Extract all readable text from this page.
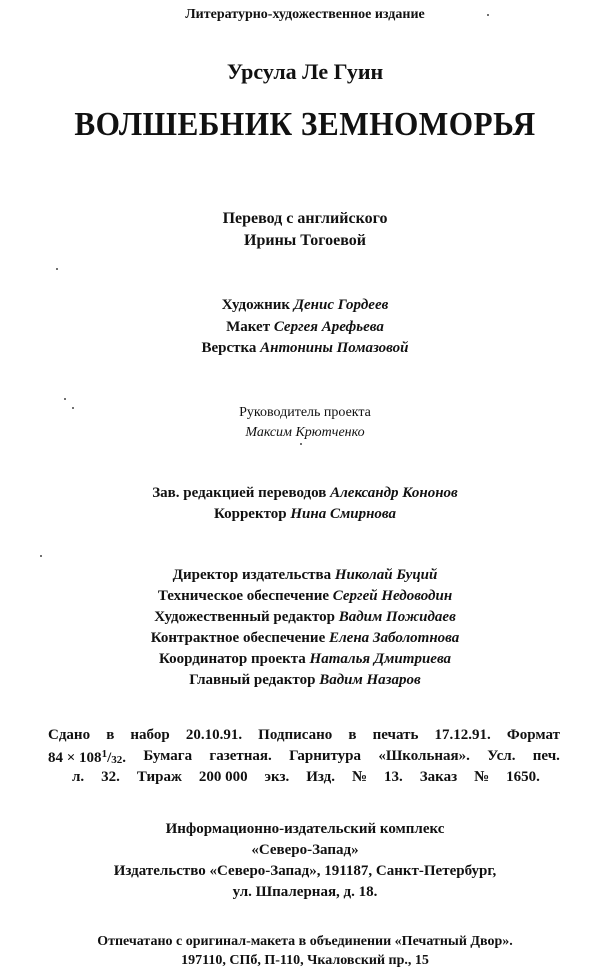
Литературно-художественное издание
Урсула Ле Гуин
ВОЛШЕБНИК ЗЕМНОМОРЬЯ
Перевод с английского
Ирины Тогоевой
Художник Денис Гордеев
Макет Сергея Арефьева
Верстка Антонины Помазовой
Руководитель проекта
Максим Крютченко
Зав. редакцией переводов Александр Кононов
Корректор Нина Смирнова
Директор издательства Николай Буций
Техническое обеспечение Сергей Недоводин
Художественный редактор Вадим Пожидаев
Контрактное обеспечение Елена Заболотнова
Координатор проекта Наталья Дмитриева
Главный редактор Вадим Назаров
Сдано в набор 20.10.91. Подписано в печать 17.12.91. Формат
$84 \times 108^1/32$. Бумага газетная. Гарнитура «Школьная». Усл. печ.
л. 32. Тираж 200 000 экз. Изд. № 13. Заказ № 1650.
Информационно-издательский комплекс
«Северо-Запад»
Издательство «Северо-Запад», 191187, Санкт-Петербург,
ул. Шпалерная, д. 18.
Отпечатано с оригинал-макета в объединении «Печатный Двор».
197110, СПб, П-110, Чкаловский пр., 15
